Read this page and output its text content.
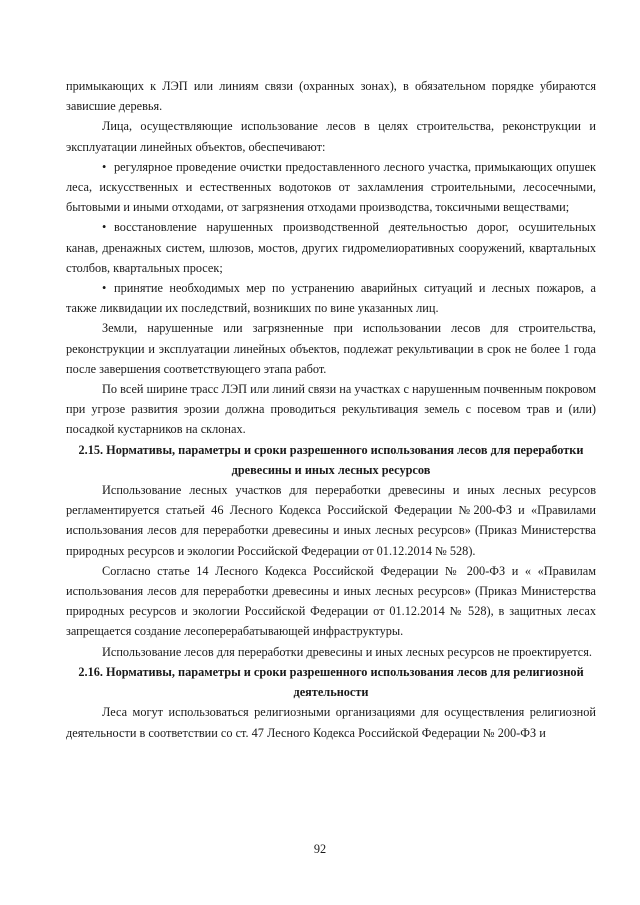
примыкающих к ЛЭП или линиям связи (охранных зонах), в обязательном порядке убираются зависшие деревья.

Лица, осуществляющие использование лесов в целях строительства, реконструкции и эксплуатации линейных объектов, обеспечивают:

• регулярное проведение очистки предоставленного лесного участка, примыкающих опушек леса, искусственных и естественных водотоков от захламления строительными, лесосечными, бытовыми и иными отходами, от загрязнения отходами производства, токсичными веществами;

• восстановление нарушенных производственной деятельностью дорог, осушительных канав, дренажных систем, шлюзов, мостов, других гидромелиоративных сооружений, квартальных столбов, квартальных просек;

• принятие необходимых мер по устранению аварийных ситуаций и лесных пожаров, а также ликвидации их последствий, возникших по вине указанных лиц.

Земли, нарушенные или загрязненные при использовании лесов для строительства, реконструкции и эксплуатации линейных объектов, подлежат рекультивации в срок не более 1 года после завершения соответствующего этапа работ.

По всей ширине трасс ЛЭП или линий связи на участках с нарушенным почвенным покровом при угрозе развития эрозии должна проводиться рекультивация земель с посевом трав и (или) посадкой кустарников на склонах.

2.15. Нормативы, параметры и сроки разрешенного использования лесов для переработки древесины и иных лесных ресурсов

Использование лесных участков для переработки древесины и иных лесных ресурсов регламентируется статьей 46 Лесного Кодекса Российской Федерации №200-ФЗ и «Правилами использования лесов для переработки древесины и иных лесных ресурсов» (Приказ Министерства природных ресурсов и экологии Российской Федерации от 01.12.2014 № 528).

Согласно статье 14 Лесного Кодекса Российской Федерации № 200-ФЗ и « «Правилам использования лесов для переработки древесины и иных лесных ресурсов» (Приказ Министерства природных ресурсов и экологии Российской Федерации от 01.12.2014 № 528), в защитных лесах запрещается создание лесоперерабатывающей инфраструктуры.

Использование лесов для переработки древесины и иных лесных ресурсов не проектируется.

2.16. Нормативы, параметры и сроки разрешенного использования лесов для религиозной деятельности

Леса могут использоваться религиозными организациями для осуществления религиозной деятельности в соответствии со ст. 47 Лесного Кодекса Российской Федерации № 200-ФЗ и

92
